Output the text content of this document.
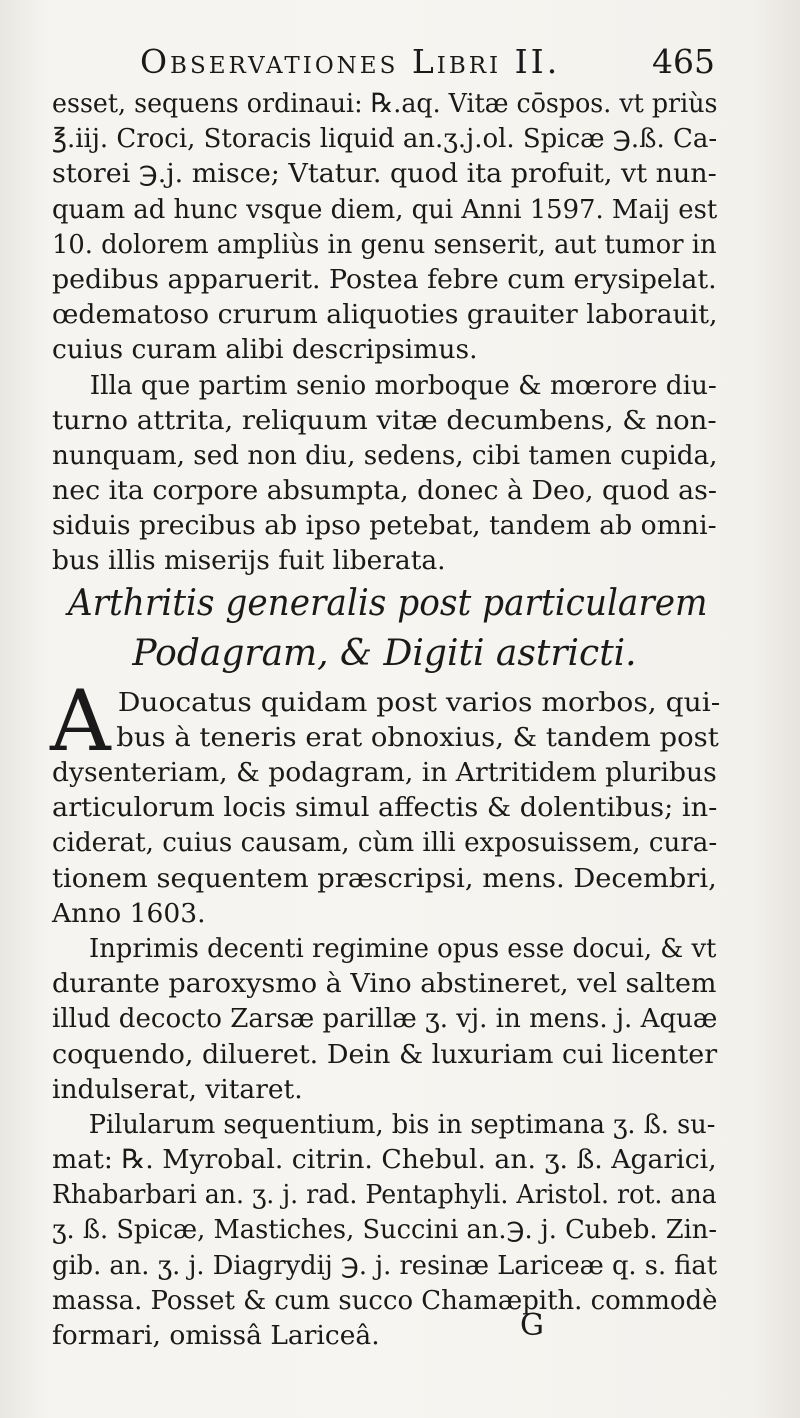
Observationes Libri II.	465
esset, sequens ordinaui: ℞.aq. Vitæ cōspos. vt priùs
℥.iij. Croci, Storacis liquid an.ʒ.j.ol. Spicæ ℈.ß. Ca-
storei ℈.j. misce; Vtatur. quod ita profuit, vt nun-
quam ad hunc vsque diem, qui Anni 1597. Maij est
10. dolorem ampliùs in genu senserit, aut tumor in
pedibus apparuerit. Postea febre cum erysipelat.
œdematoso crurum aliquoties grauiter laborauit,
cuius curam alibi descripsimus.
Illa que partim senio morboque & mœrore diu-
turno attrita, reliquum vitæ decumbens, & non-
nunquam, sed non diu, sedens, cibi tamen cupida,
nec ita corpore absumpta, donec à Deo, quod as-
siduis precibus ab ipso petebat, tandem ab omni-
bus illis miserijs fuit liberata.
Arthritis generalis post particularem
Podagram, & Digiti astricti.
A Duocatus quidam post varios morbos, qui-
bus à teneris erat obnoxius, & tandem post
dysenteriam, & podagram, in Artritidem pluribus
articulorum locis simul affectis & dolentibus; in-
ciderat, cuius causam, cùm illi exposuissem, cura-
tionem sequentem præscripsi, mens. Decembri,
Anno 1603.
Inprimis decenti regimine opus esse docui, & vt
durante paroxysmo à Vino abstineret, vel saltem
illud decocto Zarsæ parillæ ʒ. vj. in mens. j. Aquæ
coquendo, dilueret. Dein & luxuriam cui licenter
indulserat, vitaret.
Pilularum sequentium, bis in septimana ʒ. ß. su-
mat: ℞. Myrobal. citrin. Chebul. an. ʒ. ß. Agarici,
Rhabarbari an. ʒ. j. rad. Pentaphyli. Aristol. rot. ana
ʒ. ß. Spicæ, Mastiches, Succini an.℈. j. Cubeb. Zin-
gib. an. ʒ. j. Diagrydij ℈. j. resinæ Lariceæ q. s. fiat
massa. Posset & cum succo Chamæpith. commodè
formari, omissâ Lariceâ.	G
